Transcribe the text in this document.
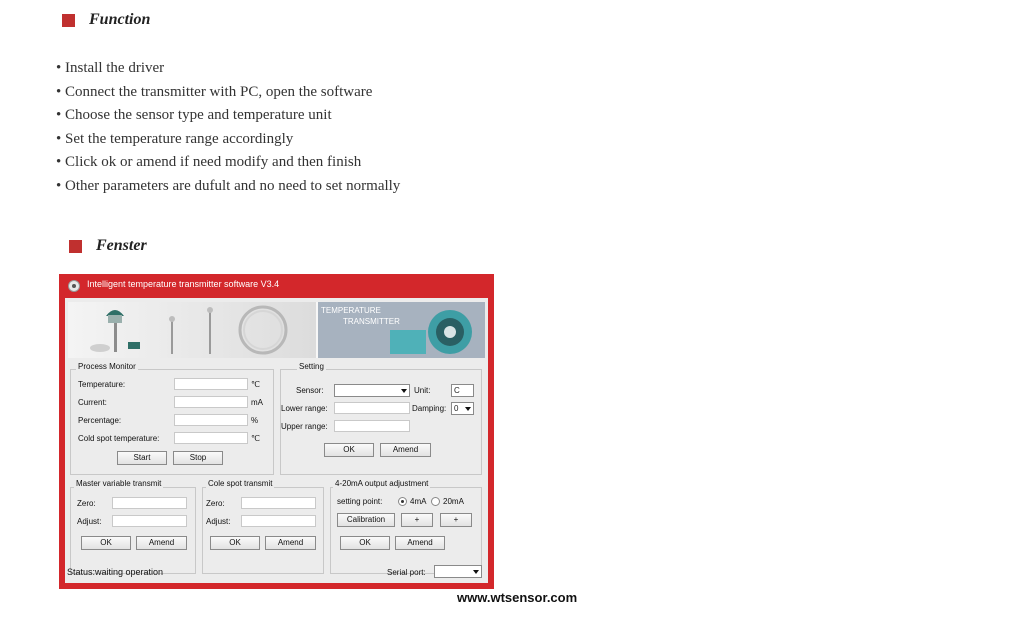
Function
• Install the driver
• Connect the transmitter with PC, open the software
• Choose the sensor type and temperature unit
• Set the temperature range accordingly
• Click ok or amend if need modify and then finish
• Other parameters are dufult and no need to set normally
Fenster
Intelligent temperature transmitter software V3.4
TEMPERATURE
TRANSMITTER
Process Monitor
Temperature:	℃
Current:	mA
Percentage:	%
Cold spot temperature:	℃
Start	Stop
Setting
Sensor:	Unit:	C
Lower range:	Damping: 0
Upper range:
OK	Amend
Master variable transmit
Zero:
Adjust:
OK	Amend
Cole spot transmit
Zero:
Adjust:
OK	Amend
4-20mA output adjustment
setting point:	4mA 20mA
Calibration	+	+
OK	Amend
Status:waiting operation	Serial port:
www.wtsensor.com
